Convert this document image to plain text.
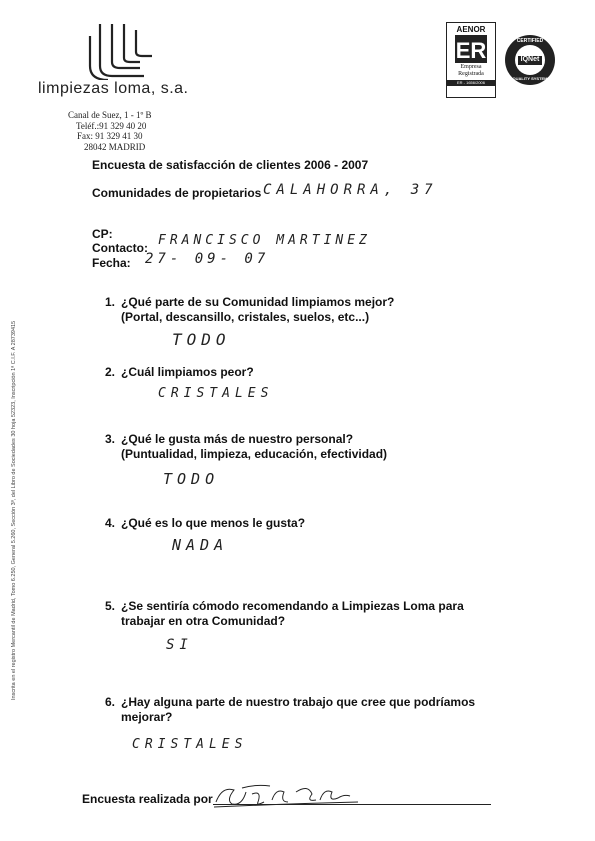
limpiezas loma, s.a.
Canal de Suez, 1 - 1º B
Teléf.:91 329 40 20
Fax: 91 329 41 30
28042 MADRID
AENOR
ER
Empresa
Registrada
ER - 1656/2006
CERTIFIED
IQNet
QUALITY SYSTEM
Inscrita en el registro Mercantil de Madrid, Tomo 6.250, General 5.260, Sección 3ª, del Libro de Sociedades 30 hoja 52323, Inscripción 1ª C.I.F. A 28739415
Encuesta de satisfacción de clientes 2006 - 2007
Comunidades de propietarios CALAHORRA, 37
CP:
Contacto: FRANCISCO MARTINEZ
Fecha: 27- 09- 07
1. ¿Qué parte de su Comunidad limpiamos mejor?
(Portal, descansillo, cristales, suelos, etc...)
TODO
2. ¿Cuál limpiamos peor?
CRISTALES
3. ¿Qué le gusta más de nuestro personal?
(Puntualidad, limpieza, educación, efectividad)
TODO
4. ¿Qué es lo que menos le gusta?
NADA
5. ¿Se sentiría cómodo recomendando a Limpiezas Loma para
trabajar en otra Comunidad?
SI
6. ¿Hay alguna parte de nuestro trabajo que cree que podríamos
mejorar?
CRISTALES
Encuesta realizada por
